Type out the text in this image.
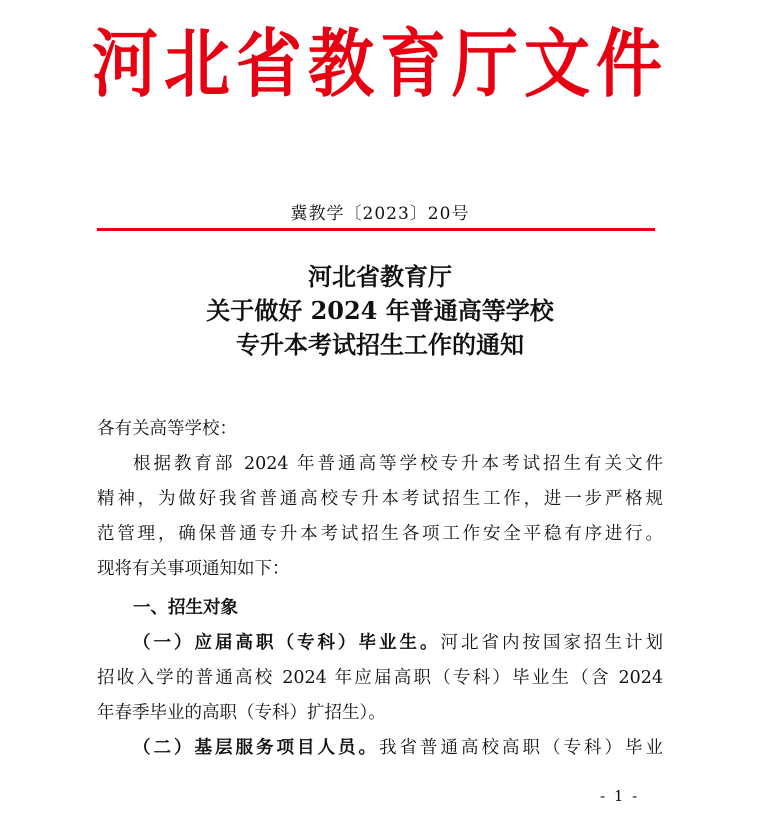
河北省教育厅文件
冀教学〔2023〕20号
河北省教育厅
关于做好 2024 年普通高等学校
专升本考试招生工作的通知
各有关高等学校：
根据教育部 2024 年普通高等学校专升本考试招生有关文件
精神，为做好我省普通高校专升本考试招生工作，进一步严格规
范管理，确保普通专升本考试招生各项工作安全平稳有序进行。
现将有关事项通知如下：
一、招生对象
（一）应届高职（专科）毕业生。河北省内按国家招生计划
招收入学的普通高校 2024 年应届高职（专科）毕业生（含 2024
年春季毕业的高职（专科）扩招生）。
（二）基层服务项目人员。我省普通高校高职（专科）毕业
- 1 -
